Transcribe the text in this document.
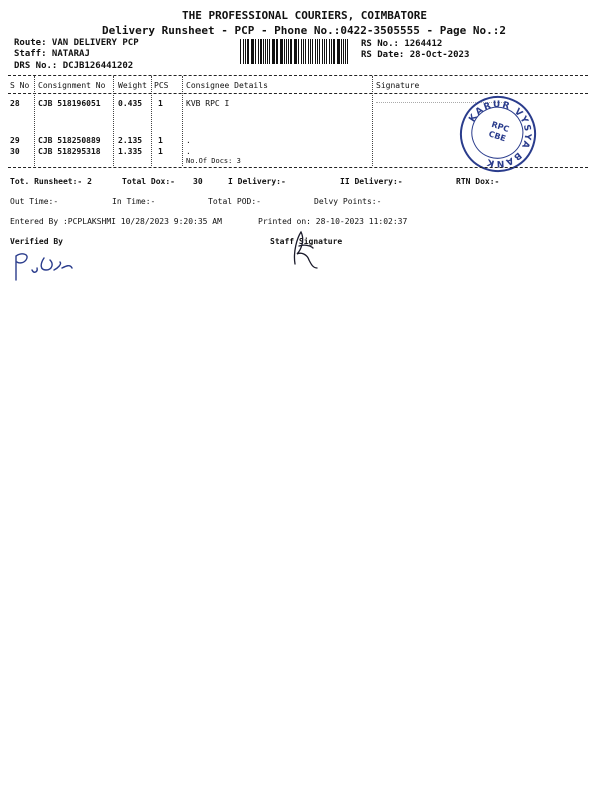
THE PROFESSIONAL COURIERS, COIMBATORE
Delivery Runsheet - PCP - Phone No.:0422-3505555 - Page No.:2
Route: VAN DELIVERY PCP
Staff: NATARAJ
DRS No.: DCJB126441202
RS No.: 1264412
RS Date: 28-Oct-2023
S No Consignment No Weight PCS Consignee Details	Signature
28 CJB 518196051 0.435 1	KVB RPC I
29 CJB 518250889 2.135 1	.
30 CJB 518295318 1.335 1	.
No.Of Docs: 3
KARUR VYSYA BANK
RPC
CBE
Tot. Runsheet:- 2	Total Dox:- 30	I Delivery:-	II Delivery:-	RTN Dox:-
Out Time:-	In Time:-	Total POD:-	Delvy Points:-
Entered By :PCPLAKSHMI 10/28/2023 9:20:35 AM	Printed on: 28-10-2023 11:02:37
Verified By	Staff Signature
